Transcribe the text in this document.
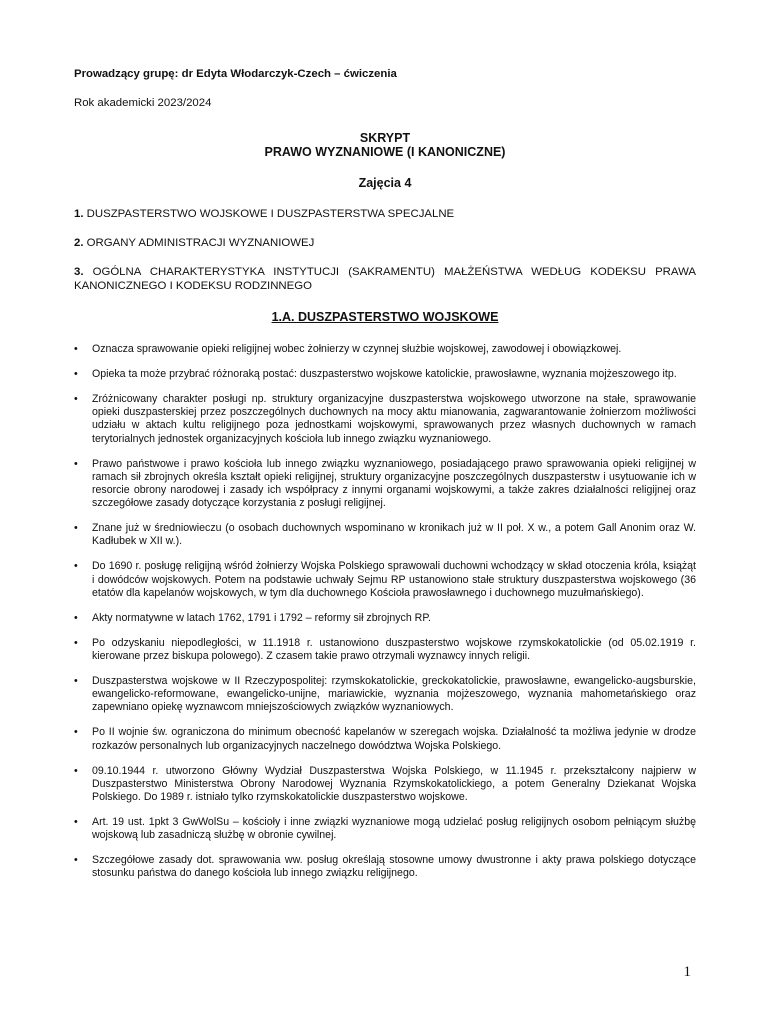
Prowadzący grupę: dr Edyta Włodarczyk-Czech – ćwiczenia

Rok akademicki 2023/2024

SKRYPT
PRAWO WYZNANIOWE (I KANONICZNE)
Zajęcia 4
1. DUSZPASTERSTWO WOJSKOWE I DUSZPASTERSTWA SPECJALNE
2. ORGANY ADMINISTRACJI WYZNANIOWEJ
3. OGÓLNA CHARAKTERYSTYKA INSTYTUCJI (SAKRAMENTU) MAŁŻEŃSTWA WEDŁUG KODEKSU PRAWA KANONICZNEGO I KODEKSU RODZINNEGO
1.A. DUSZPASTERSTWO WOJSKOWE
•	Oznacza sprawowanie opieki religijnej wobec żołnierzy w czynnej służbie wojskowej, zawodowej i obowiązkowej.
•	Opieka ta może przybrać różnoraką postać: duszpasterstwo wojskowe katolickie, prawosławne, wyznania mojżeszowego itp.
•	Zróżnicowany charakter posługi np. struktury organizacyjne duszpasterstwa wojskowego utworzone na stałe, sprawowanie opieki duszpasterskiej przez poszczególnych duchownych na mocy aktu mianowania, zagwarantowanie żołnierzom możliwości udziału w aktach kultu religijnego poza jednostkami wojskowymi, sprawowanych przez własnych duchownych w ramach terytorialnych jednostek organizacyjnych kościoła lub innego związku wyznaniowego.
•	Prawo państwowe i prawo kościoła lub innego związku wyznaniowego, posiadającego prawo sprawowania opieki religijnej w ramach sił zbrojnych określa kształt opieki religijnej, struktury organizacyjne poszczególnych duszpasterstw i usytuowanie ich w resorcie obrony narodowej i zasady ich współpracy z innymi organami wojskowymi, a także zakres działalności religijnej oraz szczegółowe zasady dotyczące korzystania z posługi religijnej.
•	Znane już w średniowieczu (o osobach duchownych wspominano w kronikach już w II poł. X w., a potem Gall Anonim oraz W. Kadłubek w XII w.).
•	Do 1690 r. posługę religijną wśród żołnierzy Wojska Polskiego sprawowali duchowni wchodzący w skład otoczenia króla, książąt i dowódców wojskowych. Potem na podstawie uchwały Sejmu RP ustanowiono stałe struktury duszpasterstwa wojskowego (36 etatów dla kapelanów wojskowych, w tym dla duchownego Kościoła prawosławnego i duchownego muzułmańskiego).
•	Akty normatywne w latach 1762, 1791 i 1792 – reformy sił zbrojnych RP.
•	Po odzyskaniu niepodległości, w 11.1918 r. ustanowiono duszpasterstwo wojskowe rzymskokatolickie (od 05.02.1919 r. kierowane przez biskupa polowego). Z czasem takie prawo otrzymali wyznawcy innych religii.
•	Duszpasterstwa wojskowe w II Rzeczypospolitej: rzymskokatolickie, greckokatolickie, prawosławne, ewangelicko-augsburskie, ewangelicko-reformowane, ewangelicko-unijne, mariawickie, wyznania mojżeszowego, wyznania mahometańskiego oraz zapewniano opiekę wyznawcom mniejszościowych związków wyznaniowych.
•	Po II wojnie św. ograniczona do minimum obecność kapelanów w szeregach wojska. Działalność ta możliwa jedynie w drodze rozkazów personalnych lub organizacyjnych naczelnego dowództwa Wojska Polskiego.
•	09.10.1944 r. utworzono Główny Wydział Duszpasterstwa Wojska Polskiego, w 11.1945 r. przekształcony najpierw w Duszpasterstwo Ministerstwa Obrony Narodowej Wyznania Rzymskokatolickiego, a potem Generalny Dziekanat Wojska Polskiego. Do 1989 r. istniało tylko rzymskokatolickie duszpasterstwo wojskowe.
•	Art. 19 ust. 1pkt 3 GwWolSu – kościoły i inne związki wyznaniowe mogą udzielać posług religijnych osobom pełniącym służbę wojskową lub zasadniczą służbę w obronie cywilnej.
•	Szczegółowe zasady dot. sprawowania ww. posług określają stosowne umowy dwustronne i akty prawa polskiego dotyczące stosunku państwa do danego kościoła lub innego związku religijnego.
1
